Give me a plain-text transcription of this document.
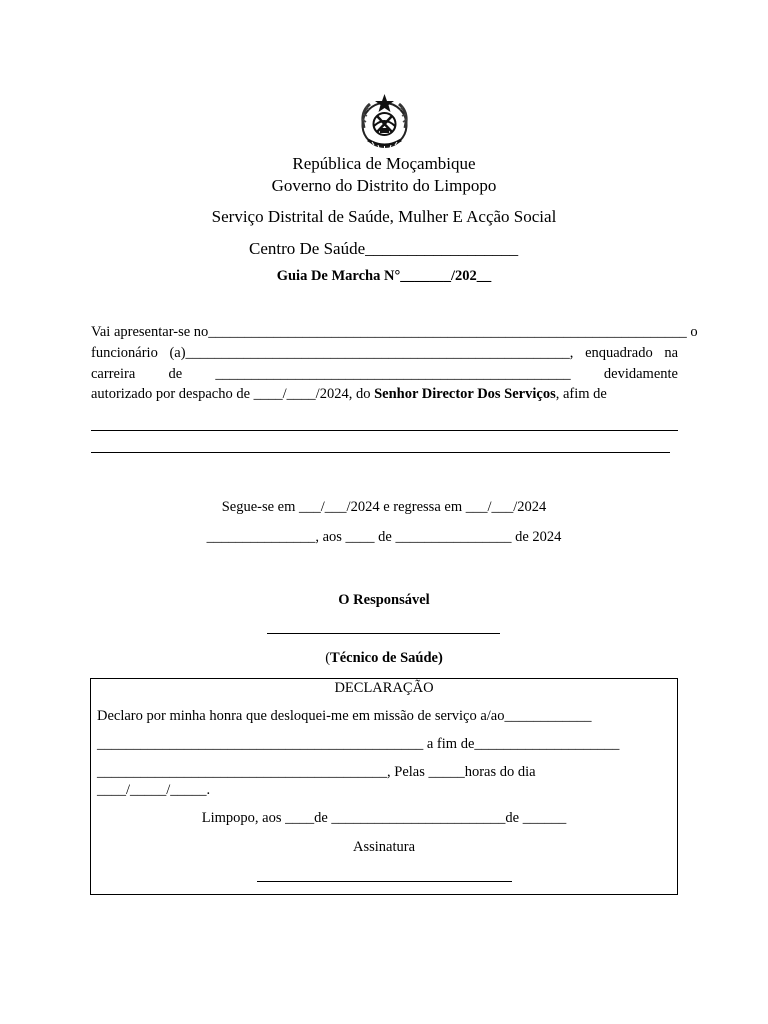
República de Moçambique
Governo do Distrito do Limpopo
Serviço Distrital de Saúde, Mulher E Acção Social
Centro De Saúde__________________
Guia De Marcha N°_______/202__
Vai apresentar-se no__________________________________________________________________ o
funcionário (a)_____________________________________________________, enquadrado na
carreira de _________________________________________________ devidamente
autorizado por despacho de ____/____/2024, do Senhor Director Dos Serviços, afim de
Segue-se em ___/___/2024 e regressa em ___/___/2024
_______________, aos ____ de ________________ de 2024
O Responsável
(Técnico de Saúde)
DECLARAÇÃO
Declaro por minha honra que desloquei-me em missão de serviço a/ao____________
_____________________________________________ a fim de____________________
________________________________________, Pelas _____horas do dia
____/_____/_____.
Limpopo, aos ____de ________________________de ______
Assinatura
